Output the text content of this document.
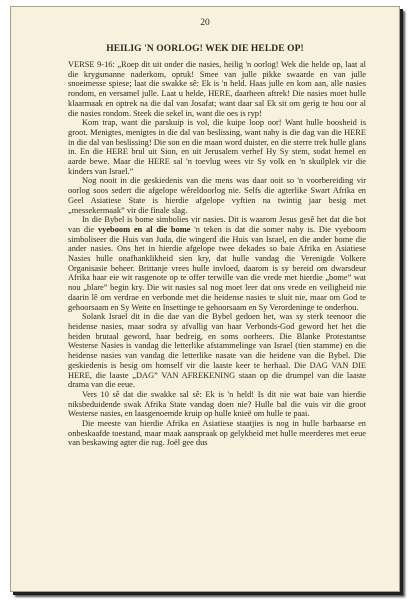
20
HEILIG 'N OORLOG! WEK DIE HELDE OP!

VERSE 9-16: „Roep dit uit onder die nasies, heilig 'n oorlog! Wek die helde op, laat al die krygsmanne naderkom, opruk! Smee van julle pikke swaarde en van julle snoeimesse spiese; laat die swakke sê: Ek is 'n held. Haas julle en kom aan, alle nasies rondom, en versamel julle. Laat u helde, HERE, daarheen aftrek! Die nasies moet hulle klaarmaak en optrek na die dal van Josafat; want daar sal Ek sit om gerig te hou oor al die nasies rondom. Steek die sekel in, want die oes is ryp!

Kom trap, want die parskuip is vol, die kuipe loop oor! Want hulle boosheid is groot. Menigtes, menigtes in die dal van beslissing, want naby is die dag van die HERE in die dal van beslissing! Die son en die maan word duister, en die sterre trek hulle glans in. En die HERE brul uit Sion, en uit Jerusalem verhef Hy Sy stem, sodat hemel en aarde bewe. Maar die HERE sal 'n toevlug wees vir Sy volk en 'n skuilplek vir die kinders van Israel.”

Nog nooit in die geskiedenis van die mens was daar ooit so 'n voorbereiding vir oorlog soos sedert die afgelope wêreldoorlog nie. Selfs die agterlike Swart Afrika en Geel Asiatiese State is hierdie afgelope vyftien na twintig jaar besig met „messekermaak” vir die finale slag.

In die Bybel is bome simbolies vir nasies. Dit is waarom Jesus gesê het dat die bot van die vyeboom en al die bome 'n teken is dat die somer naby is. Die vyeboom simboliseer die Huis van Juda, die wingerd die Huis van Israel, en die ander bome die ander nasies. Ons het in hierdie afgelope twee dekades so baie Afrika en Asiatiese Nasies hulle onafhanklikheid sien kry, dat hulle vandag die Verenigde Volkere Organisasie beheer. Brittanje vrees hulle invloed, daarom is sy bereid om dwarsdeur Afrika haar eie wit rasgenote op te offer terwille van die vrede met hierdie „bome” wat nou „blare” begin kry. Die wit nasies sal nog moet leer dat ons vrede en veiligheid nie daarin lê om verdrae en verbonde met die heidense nasies te sluit nie, maar om God te gehoorsaam en Sy Wette en Insettinge te gehoorsaam en Sy Verordeninge te onderhou.

Solank Israel dit in die dae van die Bybel gedoen het, was sy sterk teenoor die heidense nasies, maar sodra sy afvallig van haar Verbonds-God geword het het die heiden brutaal geword, haar bedreig, en soms oorheers. Die Blanke Protestantse Westerse Nasies is vandag die letterlike afstammelinge van Israel (tien stamme) en die heidense nasies van vandag die letterlike nasate van die heidene van die Bybel. Die geskiedenis is besig om homself vir die laaste keer te herhaal. Die DAG VAN DIE HERE, die laaste „DAG” VAN AFREKENING staan op die drumpel van die laaste drama van die eeue.

Vers 10 sê dat die swakke sal sê: Ek is 'n held! Is dit nie wat baie van hierdie niksbeduidende swak Afrika State vandag doen nie? Hulle bal die vuis vir die groot Westerse nasies, en laasgenoemde kruip op hulle knieë om hulle te paai.

Die meeste van hierdie Afrika en Asiatiese staatjies is nog in hulle barbaarse en onbeskaafde toestand, maar maak aanspraak op gelykheid met hulle meerderes met eeue van beskawing agter die rug. Joël gee dus
